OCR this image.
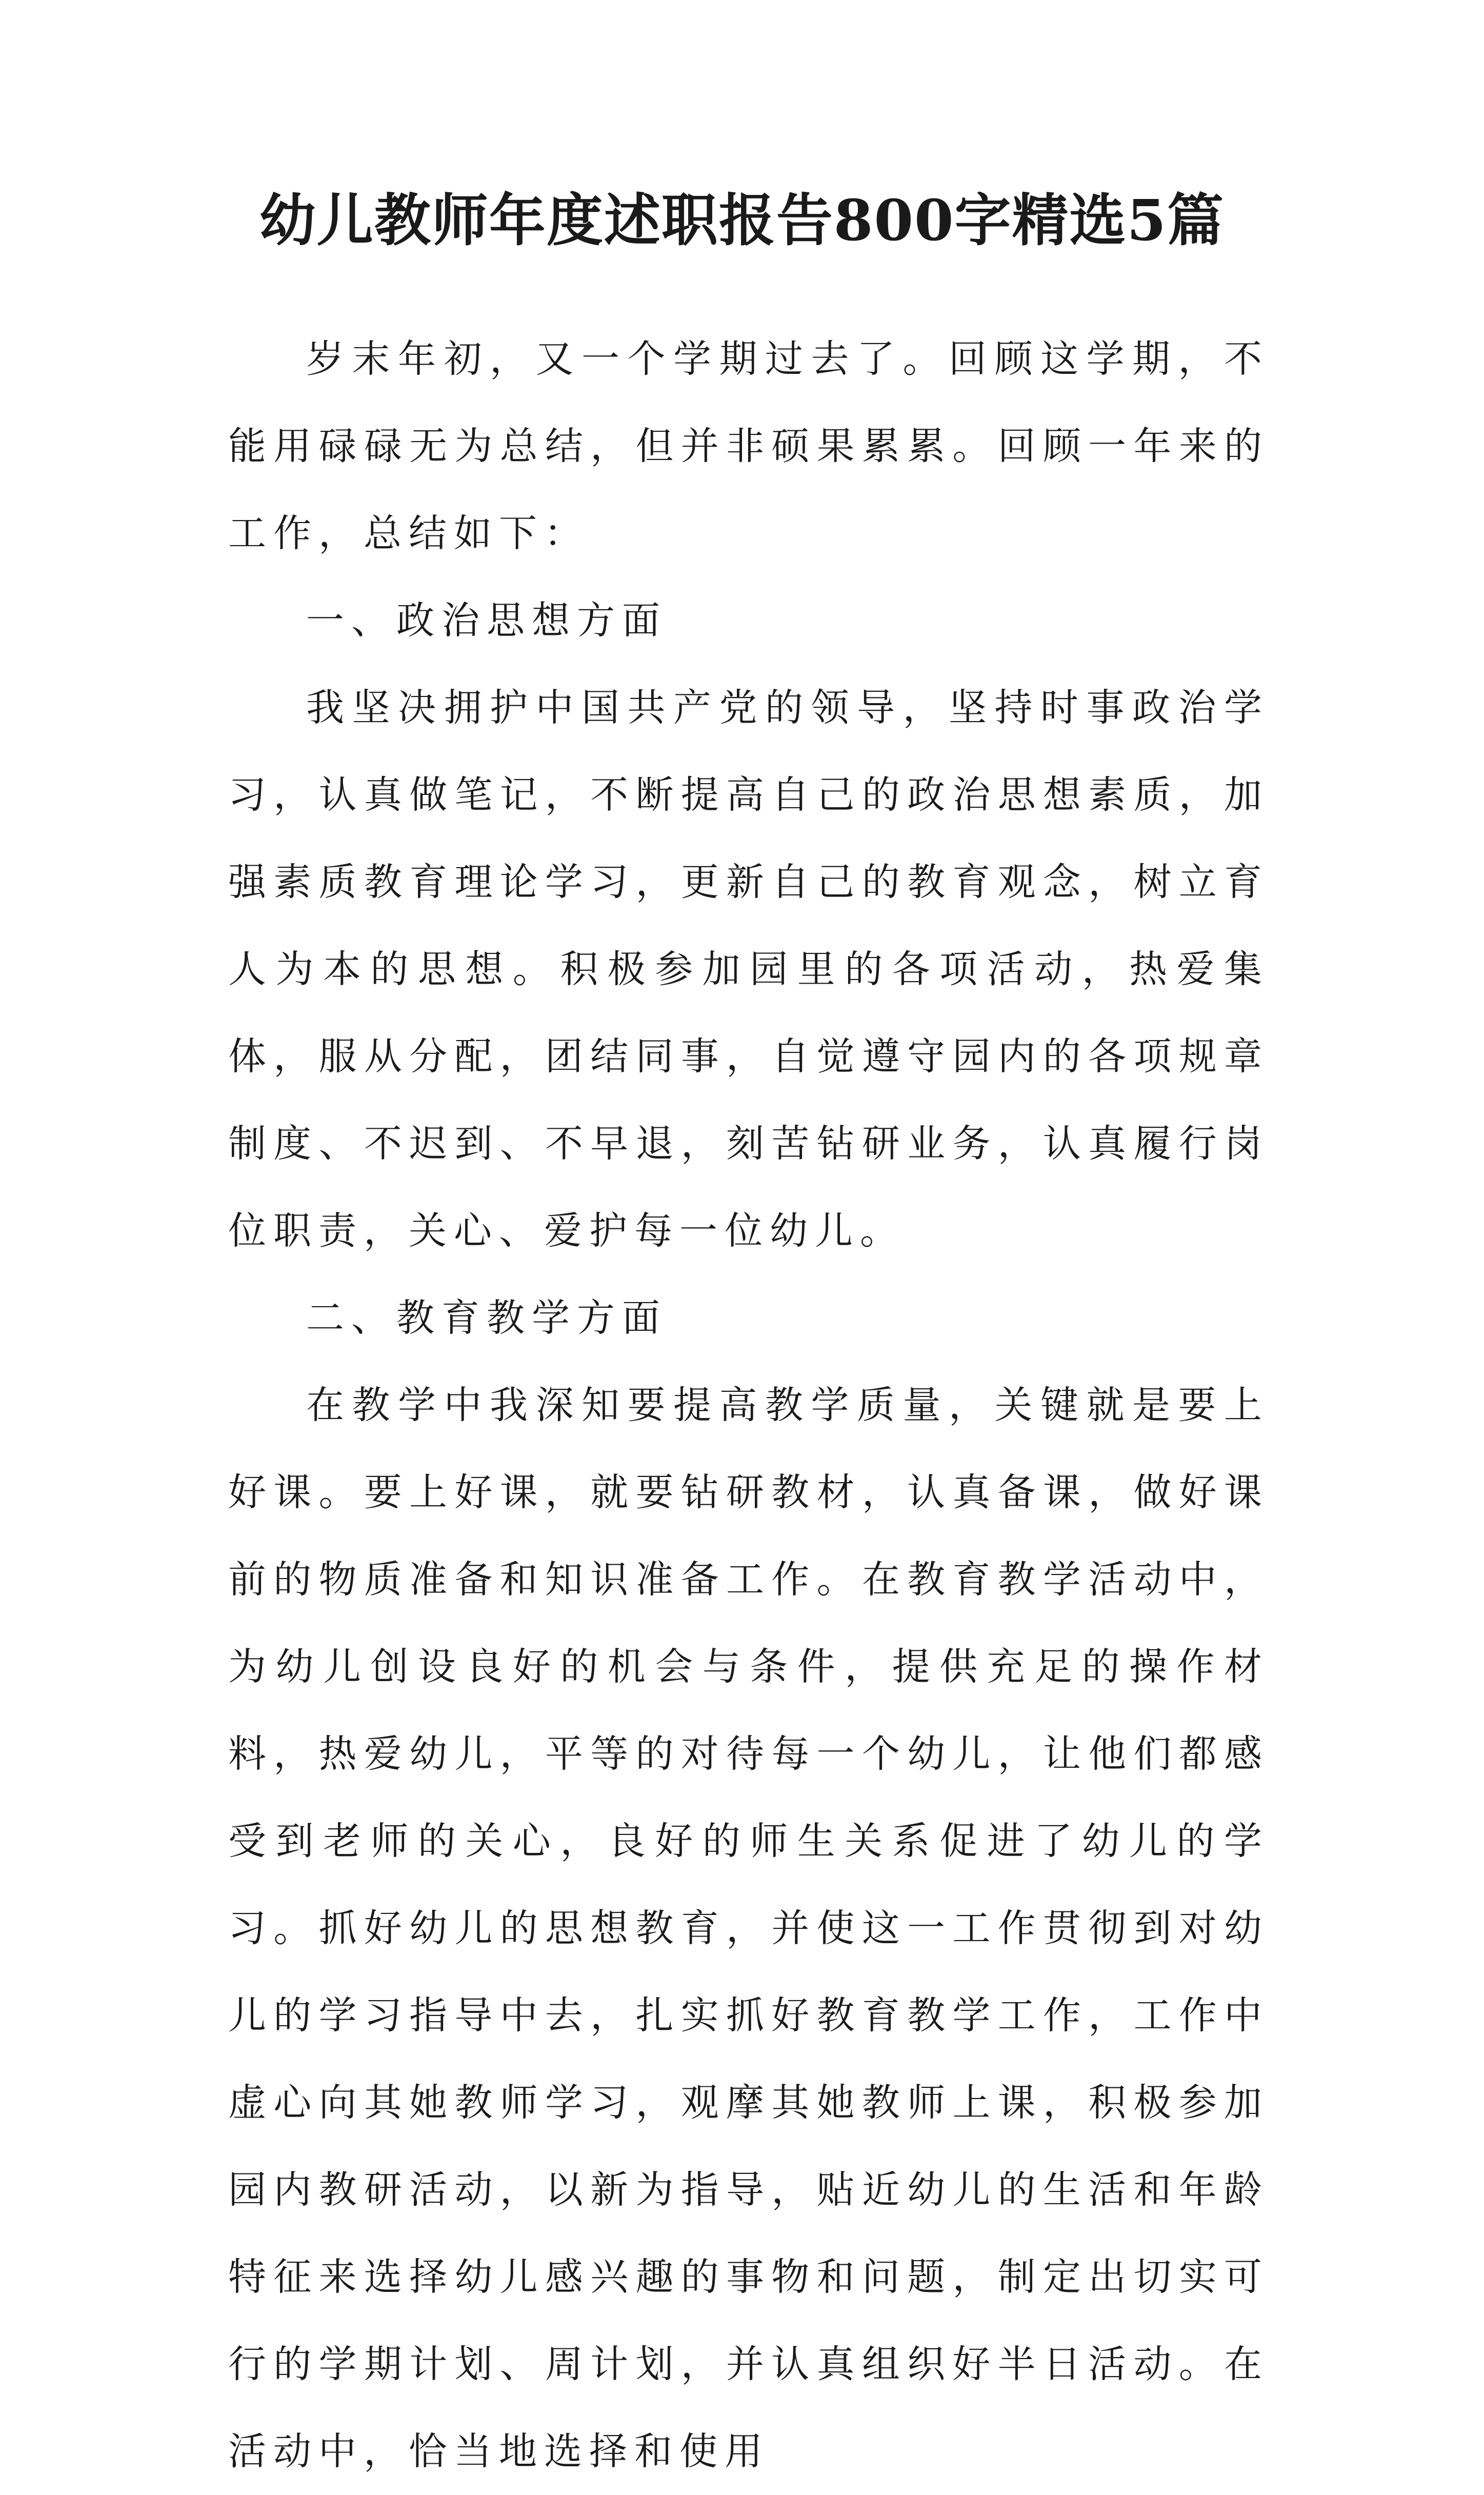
幼儿教师年度述职报告800字精选5篇

岁末年初，又一个学期过去了。回顾这学期，不能用碌碌无为总结，但并非硕果累累。回顾一年来的工作，总结如下：

一、政治思想方面

我坚决拥护中国共产党的领导，坚持时事政治学习，认真做笔记，不断提高自己的政治思想素质，加强素质教育理论学习，更新自己的教育观念，树立育人为本的思想。积极参加园里的各项活动，热爱集体，服从分配，团结同事，自觉遵守园内的各项规章制度、不迟到、不早退，刻苦钻研业务，认真履行岗位职责，关心、爱护每一位幼儿。

二、教育教学方面

在教学中我深知要提高教学质量，关键就是要上好课。要上好课，就要钻研教材，认真备课，做好课前的物质准备和知识准备工作。在教育教学活动中，为幼儿创设良好的机会与条件，提供充足的操作材料，热爱幼儿，平等的对待每一个幼儿，让他们都感受到老师的关心，良好的师生关系促进了幼儿的学习。抓好幼儿的思想教育，并使这一工作贯彻到对幼儿的学习指导中去，扎实抓好教育教学工作，工作中虚心向其她教师学习，观摩其她教师上课，积极参加园内教研活动，以新为指导，贴近幼儿的生活和年龄特征来选择幼儿感兴趣的事物和问题，制定出切实可行的学期计划、周计划，并认真组织好半日活动。在活动中，恰当地选择和使用
